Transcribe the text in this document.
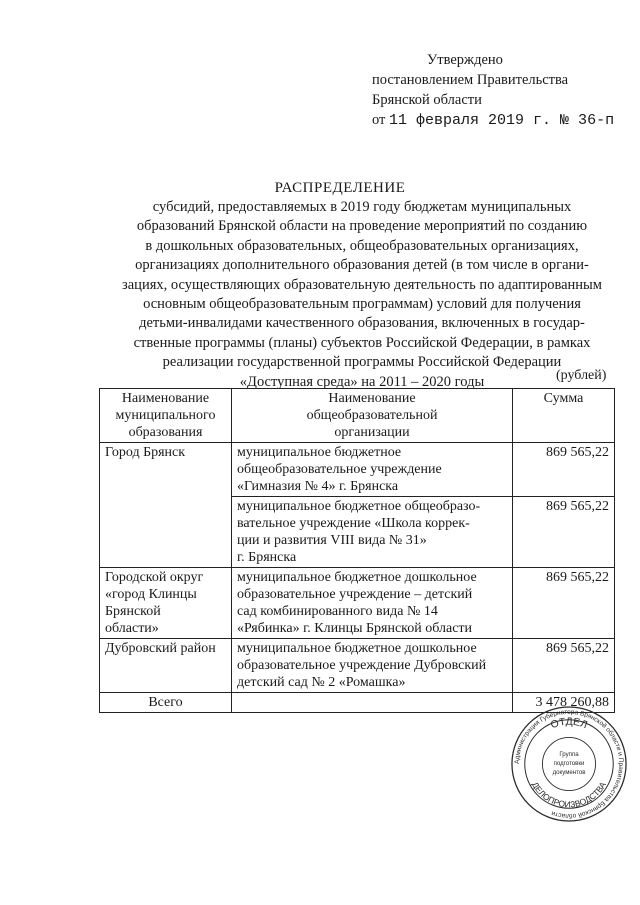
Утверждено
постановлением Правительства
Брянской области
от 11 февраля 2019 г. № 36-п
РАСПРЕДЕЛЕНИЕ
субсидий, предоставляемых в 2019 году бюджетам муниципальных
образований Брянской области на проведение мероприятий по созданию
в дошкольных образовательных, общеобразовательных организациях,
организациях дополнительного образования детей (в том числе в органи-
зациях, осуществляющих образовательную деятельность по адаптированным
основным общеобразовательным программам) условий для получения
детьми-инвалидами качественного образования, включенных в государ-
ственные программы (планы) субъектов Российской Федерации, в рамках
реализации государственной программы Российской Федерации
«Доступная среда» на 2011 – 2020 годы	(рублей)
Наименование
муниципального
образования	Наименование
общеобразовательной
организации	Сумма

Город Брянск	муниципальное бюджетное
общеобразовательное учреждение
«Гимназия № 4» г. Брянска	869 565,22

	муниципальное бюджетное общеобразо-
вательное учреждение «Школа коррек-
ции и развития VIII вида № 31»
г. Брянска	869 565,22

Городской округ
«город Клинцы
Брянской
области»	муниципальное бюджетное дошкольное
образовательное учреждение – детский
сад комбинированного вида № 14
«Рябинка» г. Клинцы Брянской области	869 565,22

Дубровский район	муниципальное бюджетное дошкольное
образовательное учреждение Дубровский
детский сад № 2 «Ромашка»	869 565,22
Всего		3 478 260,88
Администрация Губернатора Брянской области и Правительства Брянской области
ОТДЕЛ
ДЕЛОПРОИЗВОДСТВА
Группа
подготовки
документов
